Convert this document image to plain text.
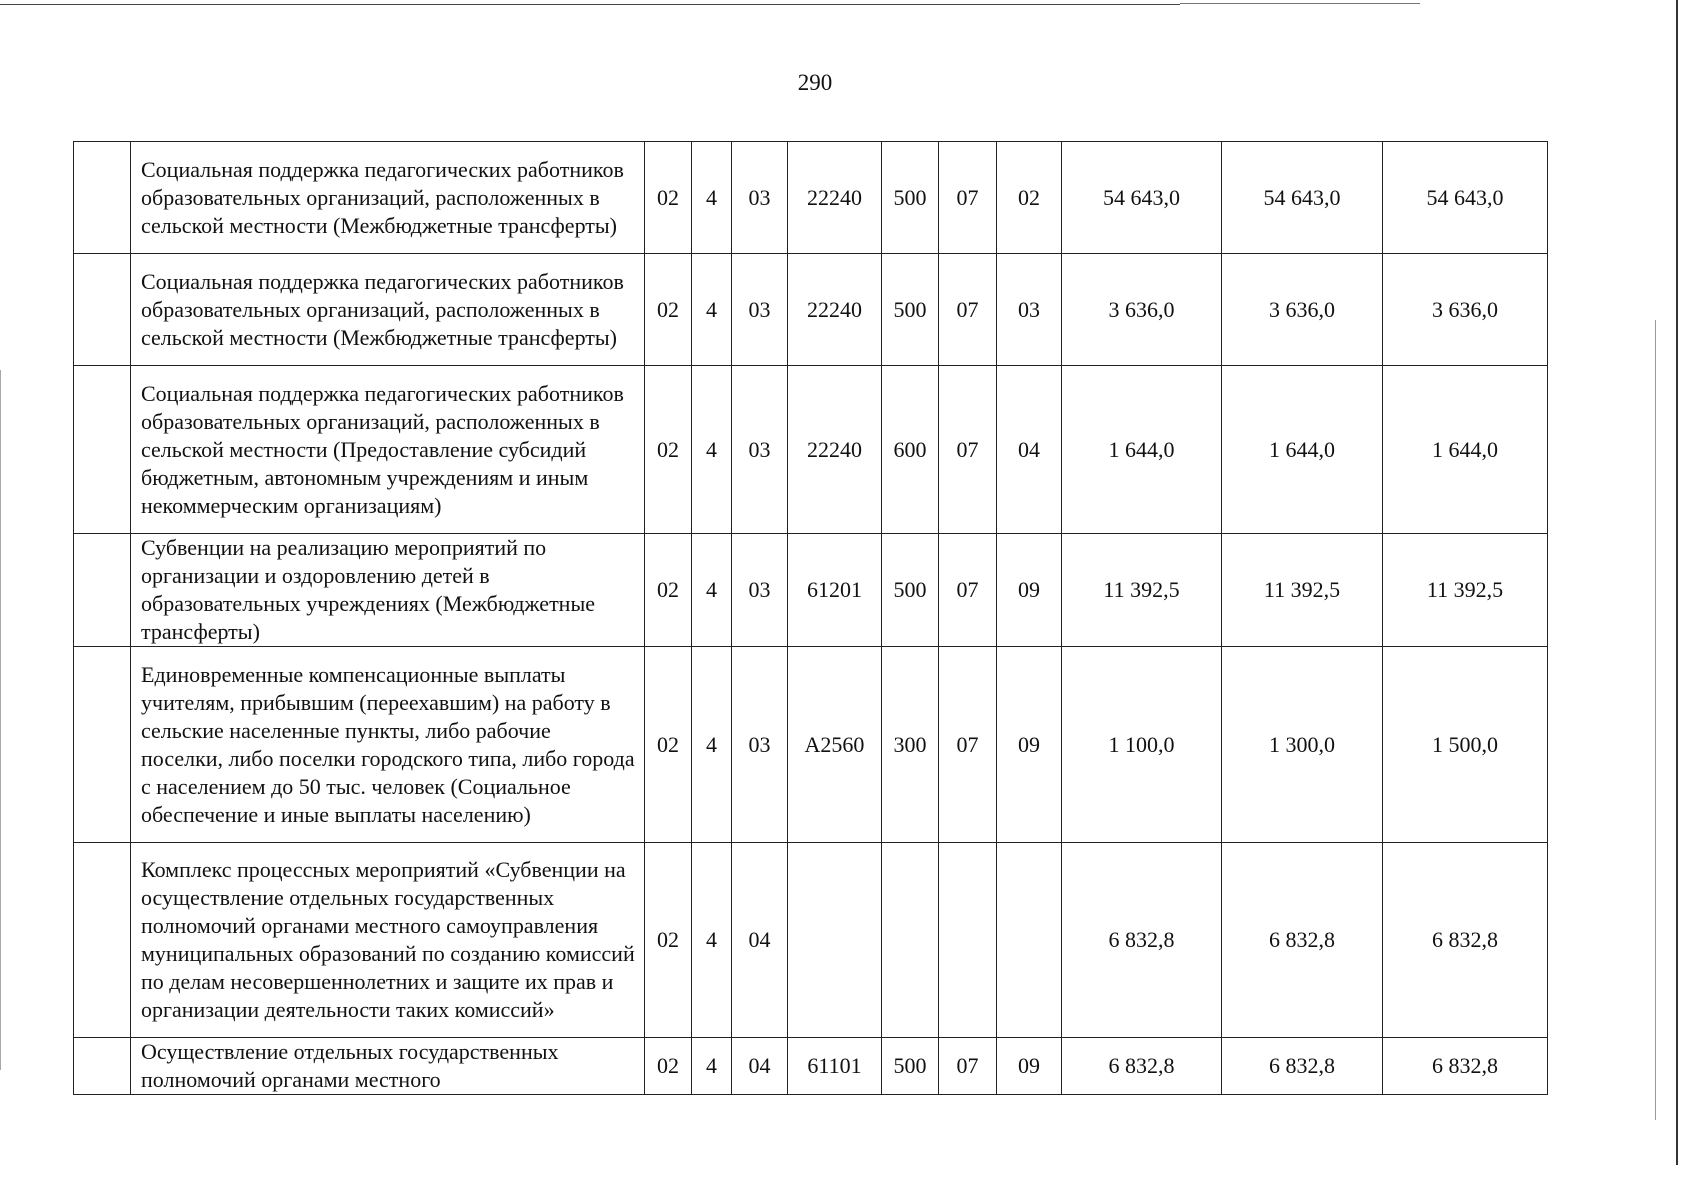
290
	Социальная поддержка педагогических работников образовательных организаций, расположенных в сельской местности (Межбюджетные трансферты)	02	4	03	22240	500	07	02	54 643,0	54 643,0	54 643,0
	Социальная поддержка педагогических работников образовательных организаций, расположенных в сельской местности (Межбюджетные трансферты)	02	4	03	22240	500	07	03	3 636,0	3 636,0	3 636,0
	Социальная поддержка педагогических работников образовательных организаций, расположенных в сельской местности (Предоставление субсидий бюджетным, автономным учреждениям и иным некоммерческим организациям)	02	4	03	22240	600	07	04	1 644,0	1 644,0	1 644,0
	Субвенции на реализацию мероприятий по организации и оздоровлению детей в образовательных учреждениях (Межбюджетные трансферты)	02	4	03	61201	500	07	09	11 392,5	11 392,5	11 392,5
	Единовременные компенсационные выплаты учителям, прибывшим (переехавшим) на работу в сельские населенные пункты, либо рабочие поселки, либо поселки городского типа, либо города с населением до 50 тыс. человек (Социальное обеспечение и иные выплаты населению)	02	4	03	A2560	300	07	09	1 100,0	1 300,0	1 500,0
	Комплекс процессных мероприятий «Субвенции на осуществление отдельных государственных полномочий органами местного самоуправления муниципальных образований по созданию комиссий по делам несовершеннолетних и защите их прав и организации деятельности таких комиссий»	02	4	04					6 832,8	6 832,8	6 832,8
	Осуществление отдельных государственных полномочий органами местного	02	4	04	61101	500	07	09	6 832,8	6 832,8	6 832,8
